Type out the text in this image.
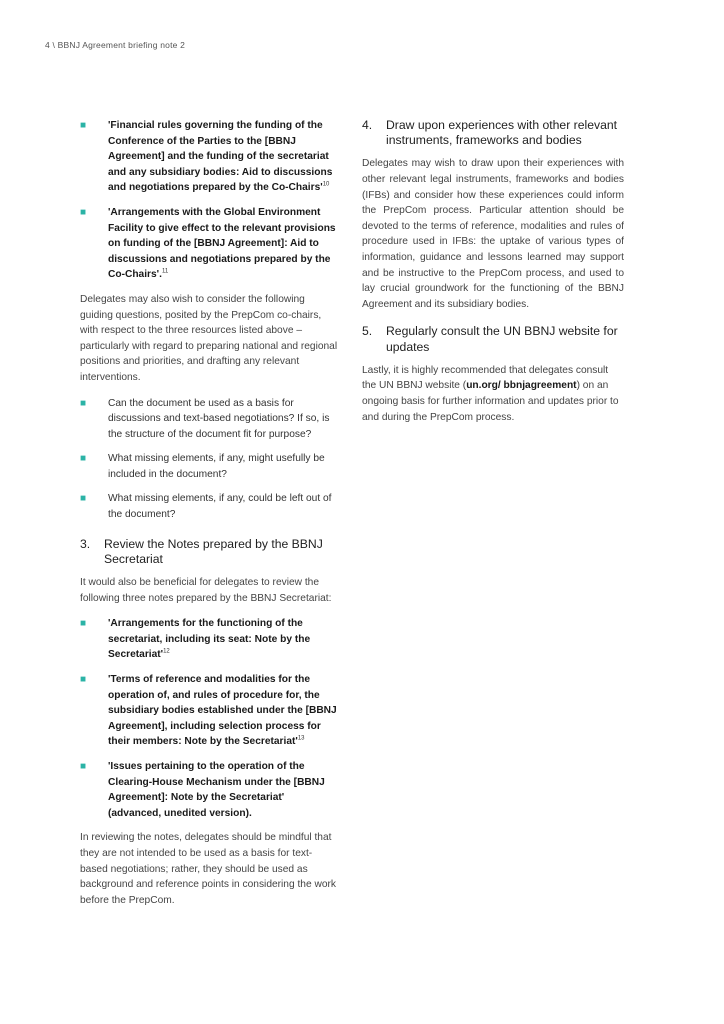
4 \ BBNJ Agreement briefing note 2
■ 'Financial rules governing the funding of the Conference of the Parties to the [BBNJ Agreement] and the funding of the secretariat and any subsidiary bodies: Aid to discussions and negotiations prepared by the Co-Chairs'$^{10}$
■ 'Arrangements with the Global Environment Facility to give effect to the relevant provisions on funding of the [BBNJ Agreement]: Aid to discussions and negotiations prepared by the Co-Chairs'.$^{11}$

Delegates may also wish to consider the following guiding questions, posited by the PrepCom co-chairs, with respect to the three resources listed above – particularly with regard to preparing national and regional positions and priorities, and drafting any relevant interventions.

■ Can the document be used as a basis for discussions and text-based negotiations? If so, is the structure of the document fit for purpose?
■ What missing elements, if any, might usefully be included in the document?
■ What missing elements, if any, could be left out of the document?
3.	Review the Notes prepared by the BBNJ Secretariat

It would also be beneficial for delegates to review the following three notes prepared by the BBNJ Secretariat:

■ 'Arrangements for the functioning of the secretariat, including its seat: Note by the Secretariat'$^{12}$
■ 'Terms of reference and modalities for the operation of, and rules of procedure for, the subsidiary bodies established under the [BBNJ Agreement], including selection process for their members: Note by the Secretariat'$^{13}$
■ 'Issues pertaining to the operation of the Clearing-House Mechanism under the [BBNJ Agreement]: Note by the Secretariat' (advanced, unedited version).

In reviewing the notes, delegates should be mindful that they are not intended to be used as a basis for text-based negotiations; rather, they should be used as background and reference points in considering the work before the PrepCom.

4.	Draw upon experiences with other relevant instruments, frameworks and bodies

Delegates may wish to draw upon their experiences with other relevant legal instruments, frameworks and bodies (IFBs) and consider how these experiences could inform the PrepCom process. Particular attention should be devoted to the terms of reference, modalities and rules of procedure used in IFBs: the uptake of various types of information, guidance and lessons learned may support and be instructive to the PrepCom process, and used to lay crucial groundwork for the functioning of the BBNJ Agreement and its subsidiary bodies.

5.	Regularly consult the UN BBNJ website for updates

Lastly, it is highly recommended that delegates consult the UN BBNJ website (un.org/ bbnjagreement) on an ongoing basis for further information and updates prior to and during the PrepCom process.
